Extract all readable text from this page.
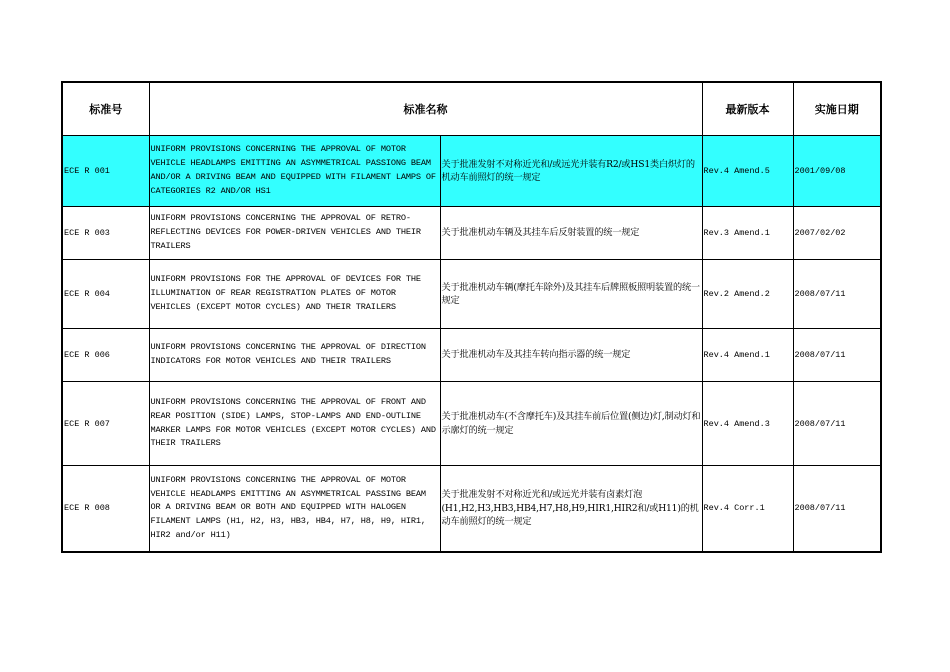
标准号	标准名称		最新版本	实施日期
ECE R 001	UNIFORM PROVISIONS CONCERNING THE APPROVAL OF MOTOR VEHICLE HEADLAMPS EMITTING AN ASYMMETRICAL PASSIONG BEAM AND/OR A DRIVING BEAM AND EQUIPPED WITH FILAMENT LAMPS OF CATEGORIES R2 AND/OR HS1	关于批准发射不对称近光和/或远光并装有R2/或HS1类白炽灯的机动车前照灯的统一规定	Rev.4 Amend.5	2001/09/08
ECE R 003	UNIFORM PROVISIONS CONCERNING THE APPROVAL OF RETRO-REFLECTING DEVICES FOR POWER-DRIVEN VEHICLES AND THEIR TRAILERS	关于批准机动车辆及其挂车后反射装置的统一规定	Rev.3 Amend.1	2007/02/02
ECE R 004	UNIFORM PROVISIONS FOR THE APPROVAL OF DEVICES FOR THE ILLUMINATION OF REAR REGISTRATION PLATES OF MOTOR VEHICLES (EXCEPT MOTOR CYCLES) AND THEIR TRAILERS	关于批准机动车辆(摩托车除外)及其挂车后牌照板照明装置的统一规定	Rev.2 Amend.2	2008/07/11
ECE R 006	UNIFORM PROVISIONS CONCERNING THE APPROVAL OF DIRECTION INDICATORS FOR MOTOR VEHICLES AND THEIR TRAILERS	关于批准机动车及其挂车转向指示器的统一规定	Rev.4 Amend.1	2008/07/11
ECE R 007	UNIFORM PROVISIONS CONCERNING THE APPROVAL OF FRONT AND REAR POSITION (SIDE) LAMPS, STOP-LAMPS AND END-OUTLINE MARKER LAMPS FOR MOTOR VEHICLES (EXCEPT MOTOR CYCLES) AND THEIR TRAILERS	关于批准机动车(不含摩托车)及其挂车前后位置(侧边)灯,制动灯和示廓灯的统一规定	Rev.4 Amend.3	2008/07/11
ECE R 008	UNIFORM PROVISIONS CONCERNING THE APPROVAL OF MOTOR VEHICLE HEADLAMPS EMITTING AN ASYMMETRICAL PASSING BEAM OR A DRIVING BEAM OR BOTH AND EQUIPPED WITH HALOGEN FILAMENT LAMPS (H1, H2, H3, HB3, HB4, H7, H8, H9, HIR1, HIR2 and/or H11)	关于批准发射不对称近光和/或远光并装有卤素灯泡(H1,H2,H3,HB3,HB4,H7,H8,H9,HIR1,HIR2和/或H11)的机动车前照灯的统一规定	Rev.4 Corr.1	2008/07/11
